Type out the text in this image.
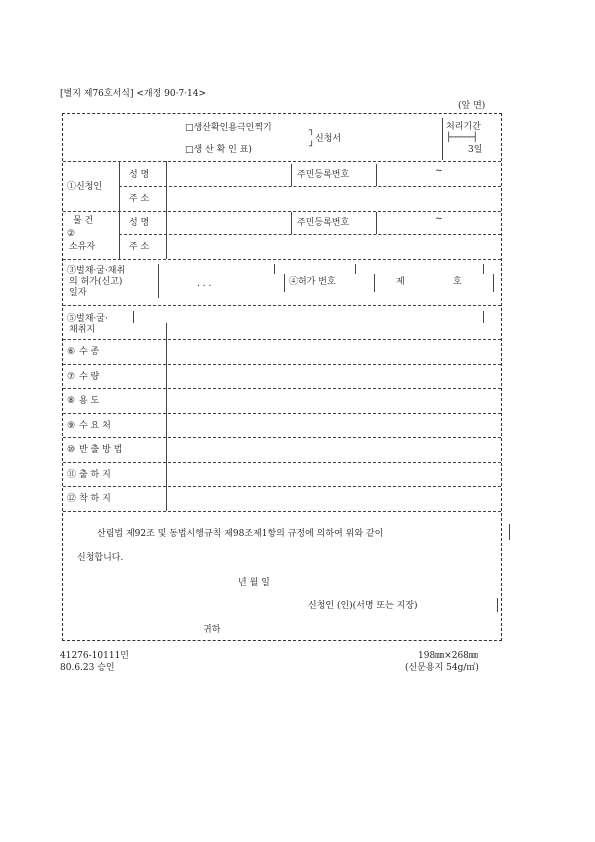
[별지 제76호서식] <개정 90·7·14>
(앞 면)
□생산확인용극인찍기
□생 산 확 인 표)
┐
┘
신청서
처리기간
├─────┤
3일
①신청인
성 명	주민등록번호	~
주 소
물 건
②
소유자
성 명	주민등록번호	~
주 소
③벌채·굴·채취
의 허가(신고)
일자
. . .	④허가 번호	제	호
⑤벌채·굴·
채취지
산림법 제92조 및 동법시행규칙 제98조제1항의 규정에 의하여 위와 같이
신청합니다.
년 월 일
신청인 (인)(서명 또는 지장)
귀하
⑥ 수 종
⑦ 수 량
⑧ 용 도
⑨ 수 요 처
⑩ 반 출 방 법
⑪ 출 하 지
⑫ 착 하 지
41276-10111민
80.6.23 승인
198㎜×268㎜
(신문용지 54g/㎡)
